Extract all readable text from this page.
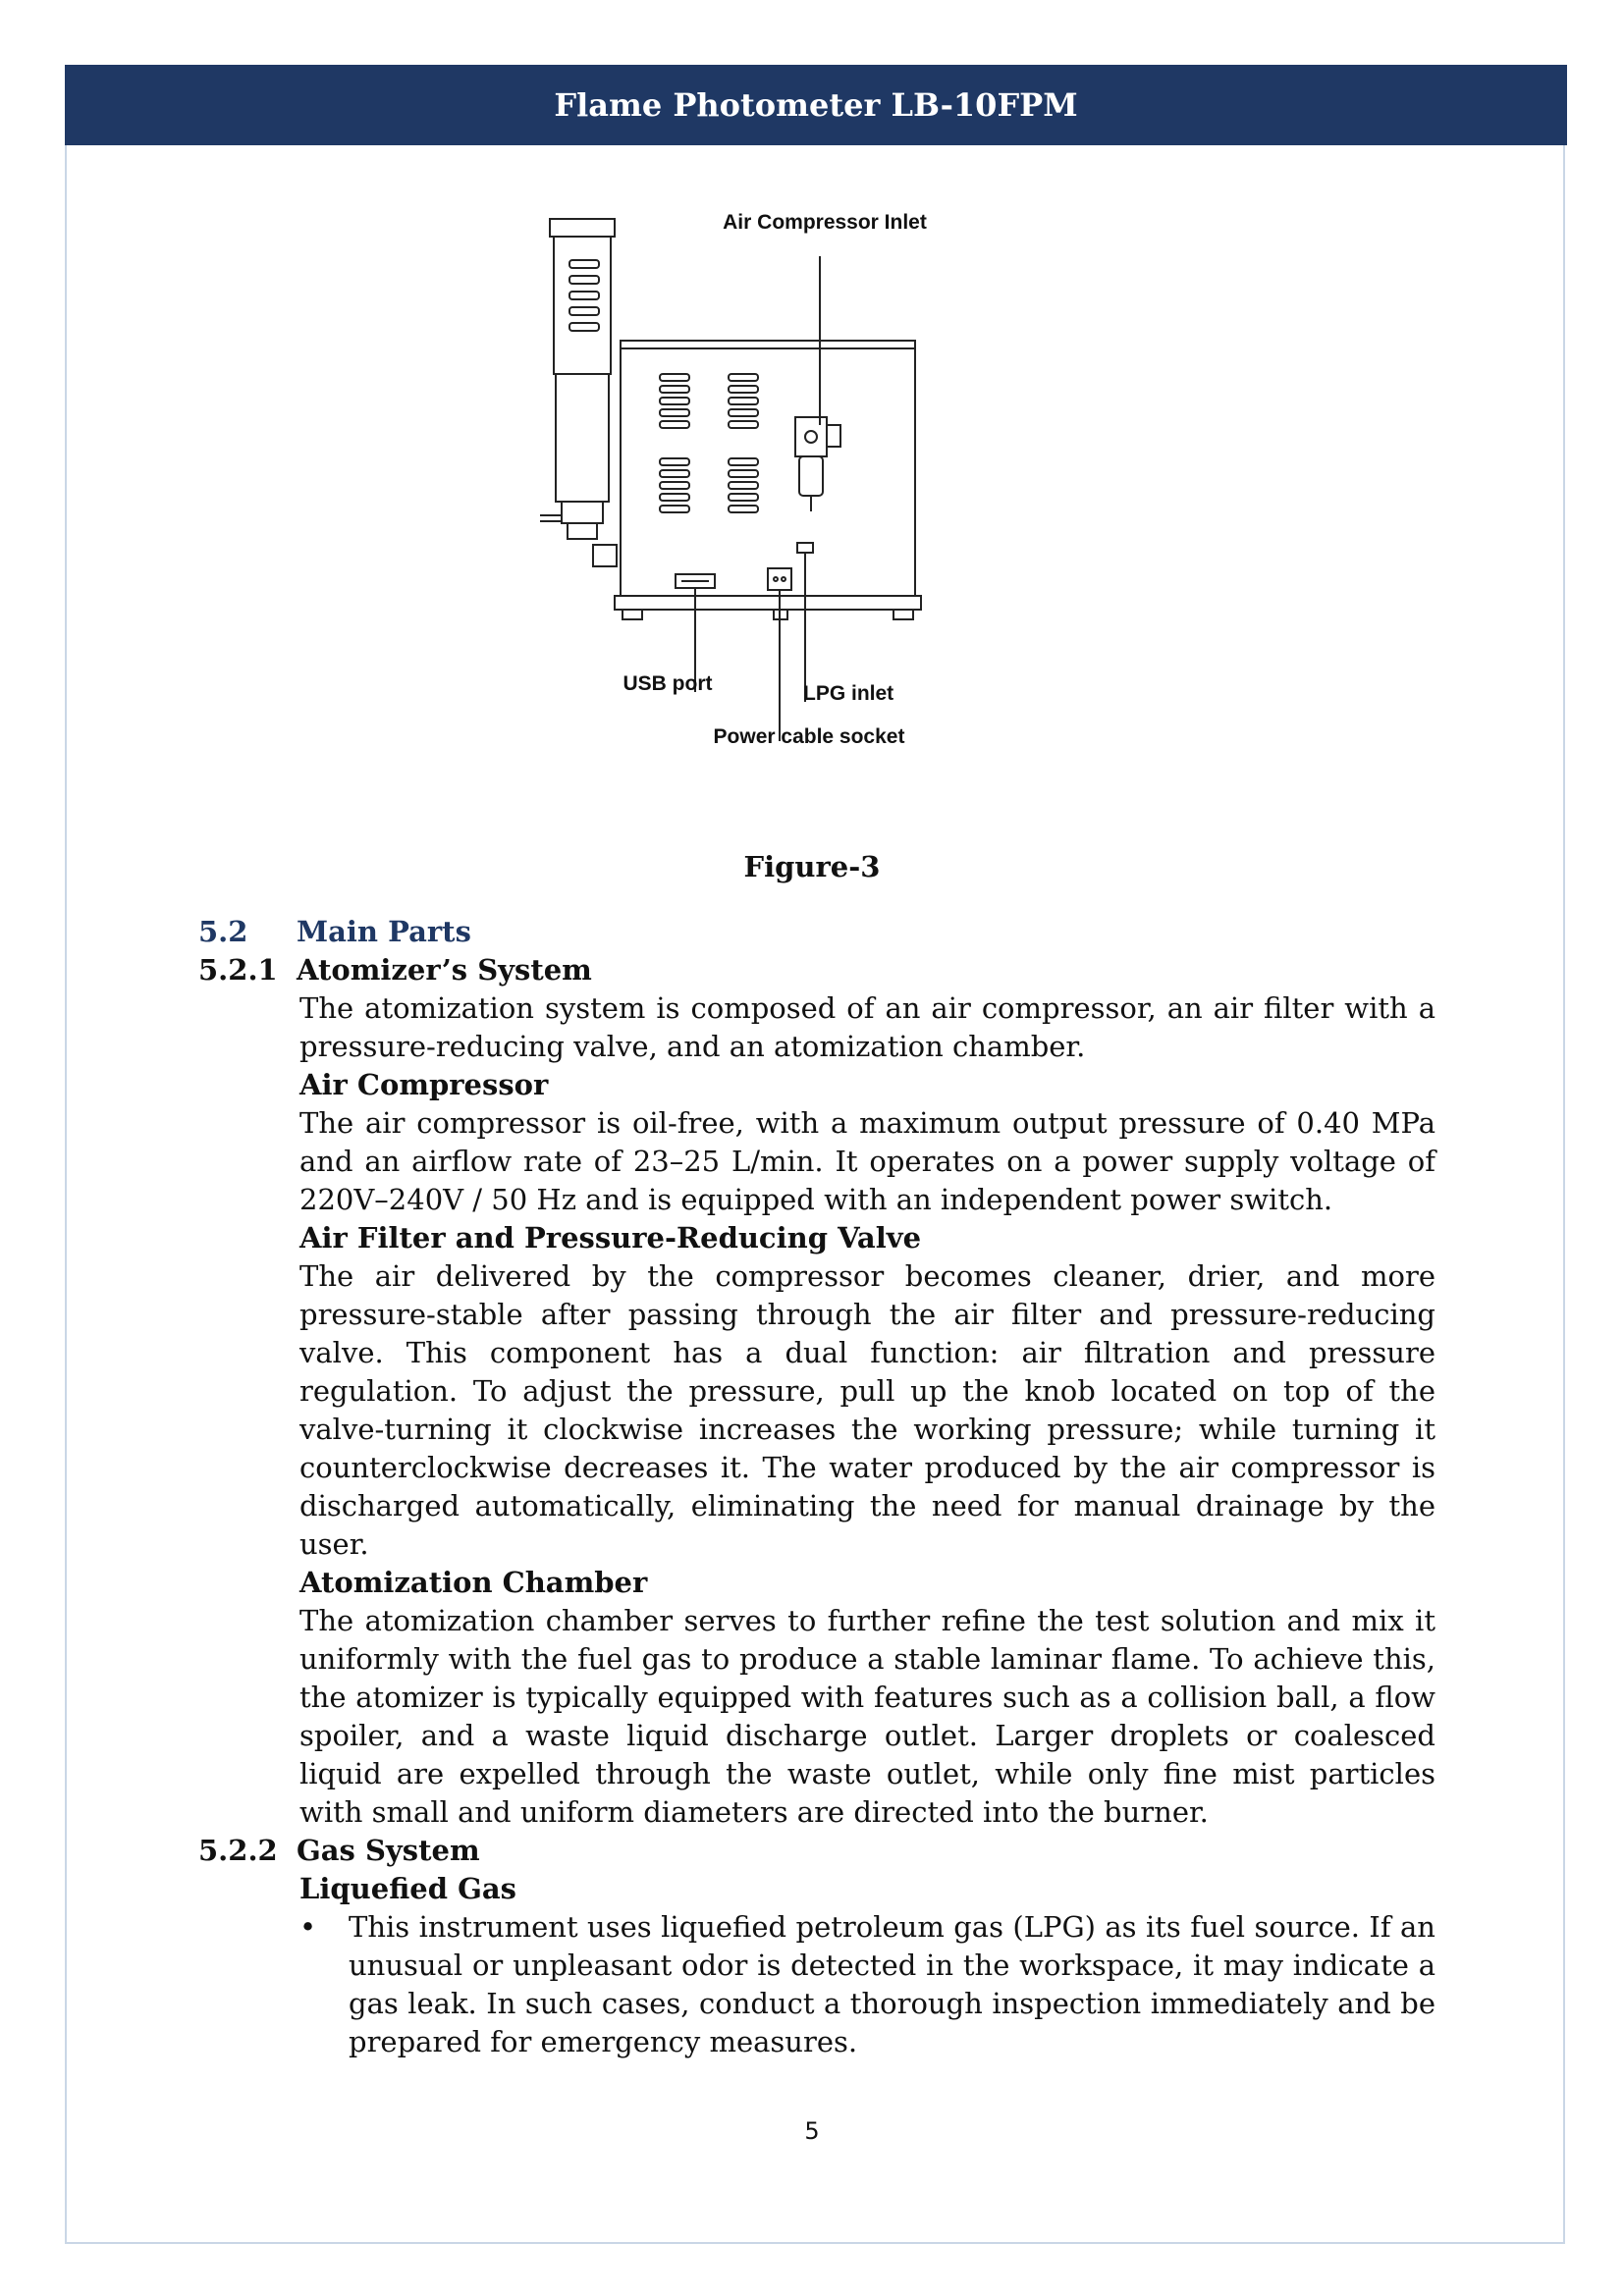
Flame Photometer LB-10FPM
Air Compressor Inlet
USB port	LPG inlet
Power cable socket
Figure-3
5.2	Main Parts
5.2.1 Atomizer’s System

The atomization system is composed of an air compressor, an air filter with a pressure-reducing valve, and an atomization chamber.

Air Compressor

The air compressor is oil-free, with a maximum output pressure of 0.40 MPa and an airflow rate of 23–25 L/min. It operates on a power supply voltage of 220V–240V / 50 Hz and is equipped with an independent power switch.

Air Filter and Pressure-Reducing Valve

The air delivered by the compressor becomes cleaner, drier, and more pressure-stable after passing through the air filter and pressure-reducing valve. This component has a dual function: air filtration and pressure regulation. To adjust the pressure, pull up the knob located on top of the valve-turning it clockwise increases the working pressure; while turning it counterclockwise decreases it. The water produced by the air compressor is discharged automatically, eliminating the need for manual drainage by the user.

Atomization Chamber

The atomization chamber serves to further refine the test solution and mix it uniformly with the fuel gas to produce a stable laminar flame. To achieve this, the atomizer is typically equipped with features such as a collision ball, a flow spoiler, and a waste liquid discharge outlet. Larger droplets or coalesced liquid are expelled through the waste outlet, while only fine mist particles with small and uniform diameters are directed into the burner.

5.2.2 Gas System
Liquefied Gas
•	This instrument uses liquefied petroleum gas (LPG) as its fuel source. If an unusual or unpleasant odor is detected in the workspace, it may indicate a gas leak. In such cases, conduct a thorough inspection immediately and be prepared for emergency measures.

5
